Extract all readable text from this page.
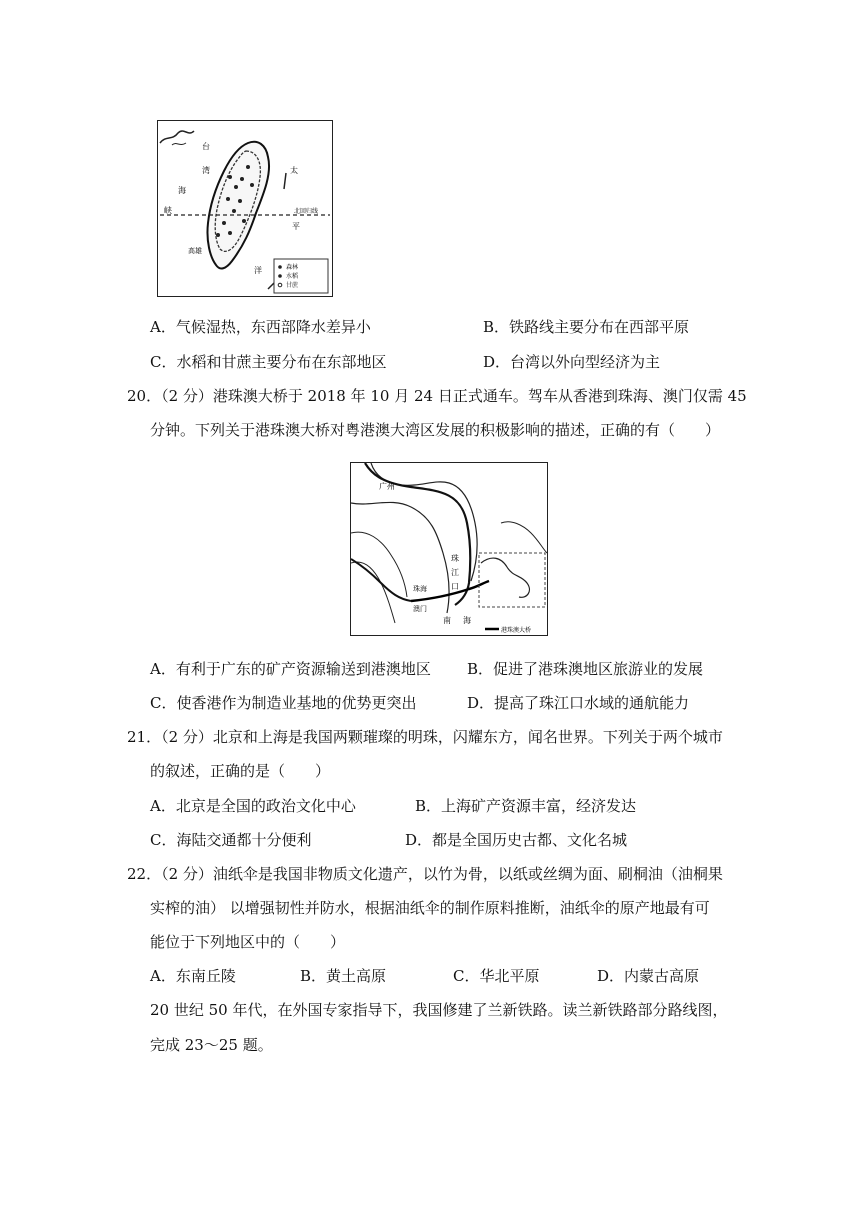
台
湾
海
峡
太
平
洋
北回归线
高雄
森林
水稻
甘蔗
A．气候湿热，东西部降水差异小	B．铁路线主要分布在西部平原
C．水稻和甘蔗主要分布在东部地区	D．台湾以外向型经济为主
20．（2 分）港珠澳大桥于 2018 年 10 月 24 日正式通车。驾车从香港到珠海、澳门仅需 45
分钟。下列关于港珠澳大桥对粤港澳大湾区发展的积极影响的描述，正确的有（　　）
广州
珠
江
口
珠海
澳门
南 海
港珠澳大桥
A．有利于广东的矿产资源输送到港澳地区 B．促进了港珠澳地区旅游业的发展
C．使香港作为制造业基地的优势更突出	D．提高了珠江口水域的通航能力
21．（2 分）北京和上海是我国两颗璀璨的明珠，闪耀东方，闻名世界。下列关于两个城市
的叙述，正确的是（　　）
A．北京是全国的政治文化中心	B．上海矿产资源丰富，经济发达
C．海陆交通都十分便利	D．都是全国历史古都、文化名城
22．（2 分）油纸伞是我国非物质文化遗产，以竹为骨，以纸或丝绸为面、刷桐油（油桐果
实榨的油） 以增强韧性并防水，根据油纸伞的制作原料推断，油纸伞的原产地最有可
能位于下列地区中的（　　）
A．东南丘陵	B．黄土高原	C．华北平原	D．内蒙古高原
20 世纪 50 年代，在外国专家指导下，我国修建了兰新铁路。读兰新铁路部分路线图，
完成 23～25 题。
